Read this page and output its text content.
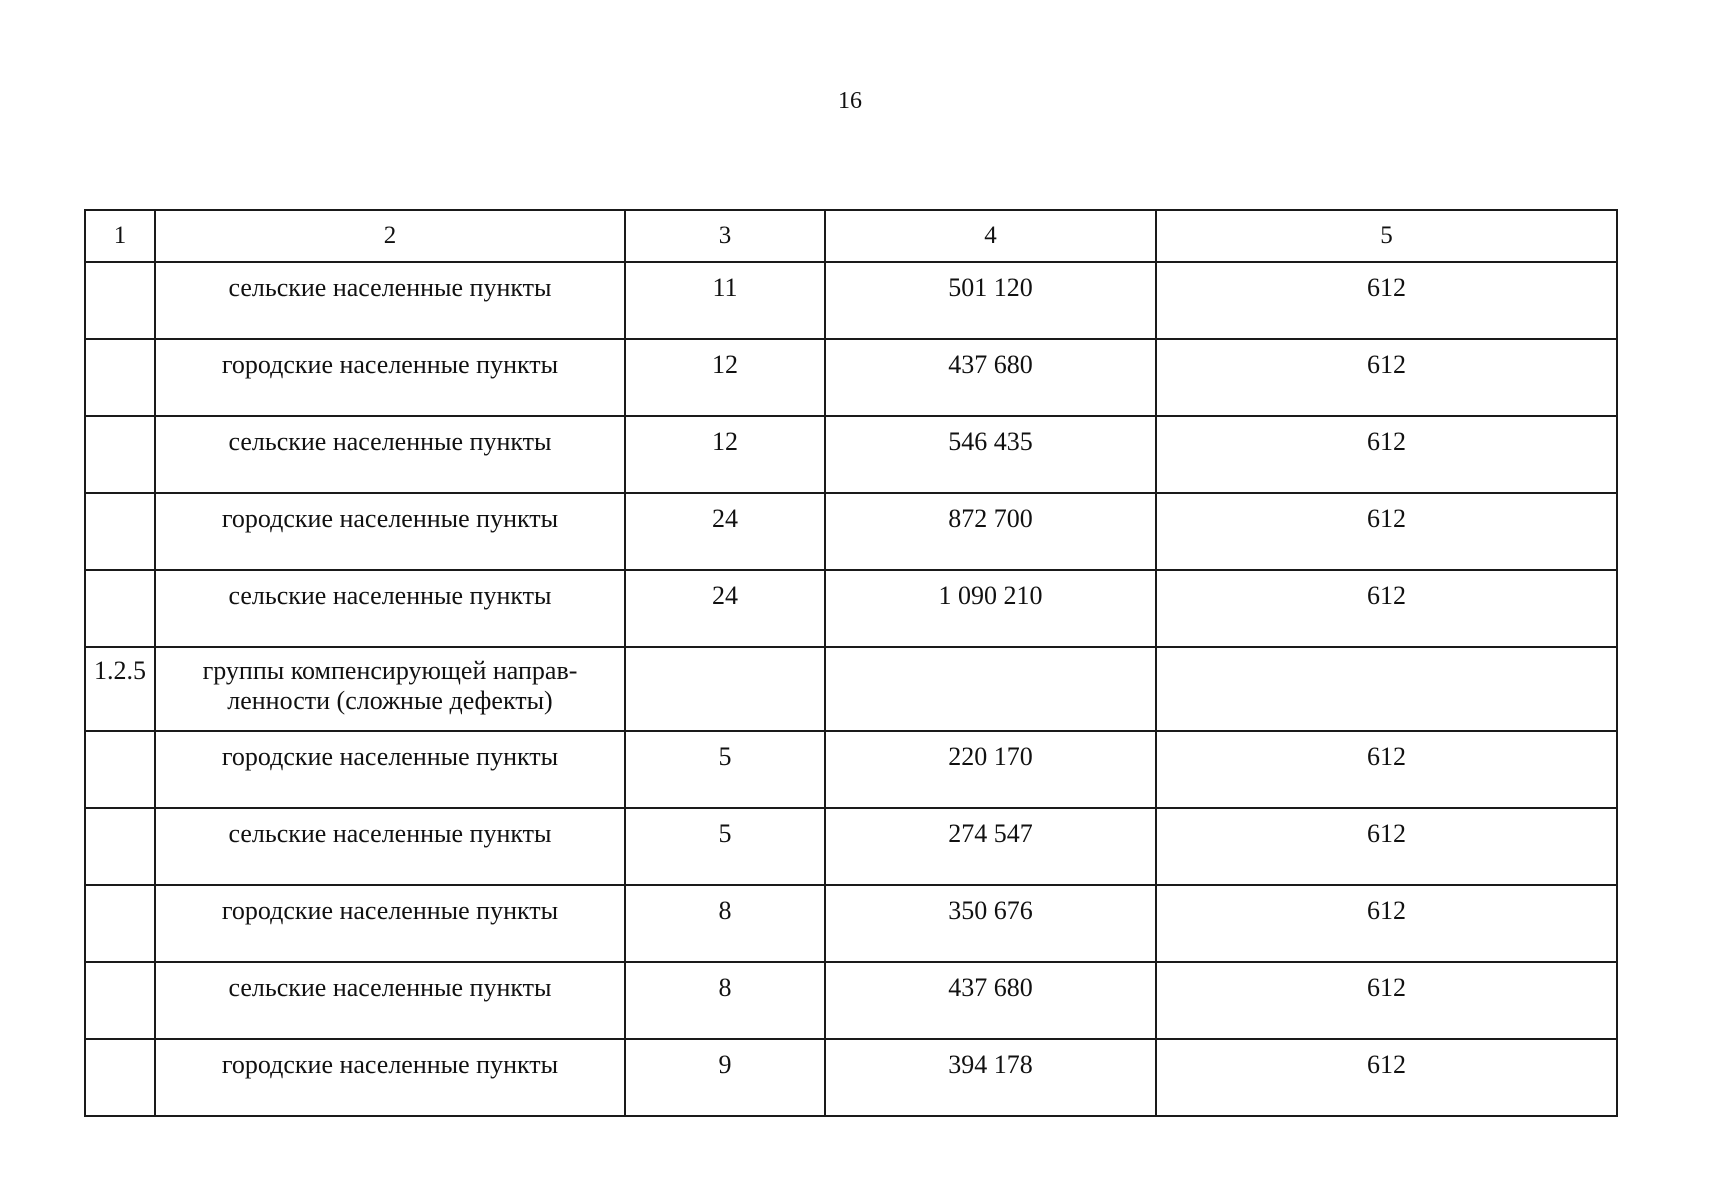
16
1	2	3	4	5
	сельские населенные пункты	11	501 120	612
	городские населенные пункты	12	437 680	612
	сельские населенные пункты	12	546 435	612
	городские населенные пункты	24	872 700	612
	сельские населенные пункты	24	1 090 210	612
1.2.5	группы компенсирующей направ-ленности (сложные дефекты)			
	городские населенные пункты	5	220 170	612
	сельские населенные пункты	5	274 547	612
	городские населенные пункты	8	350 676	612
	сельские населенные пункты	8	437 680	612
	городские населенные пункты	9	394 178	612
